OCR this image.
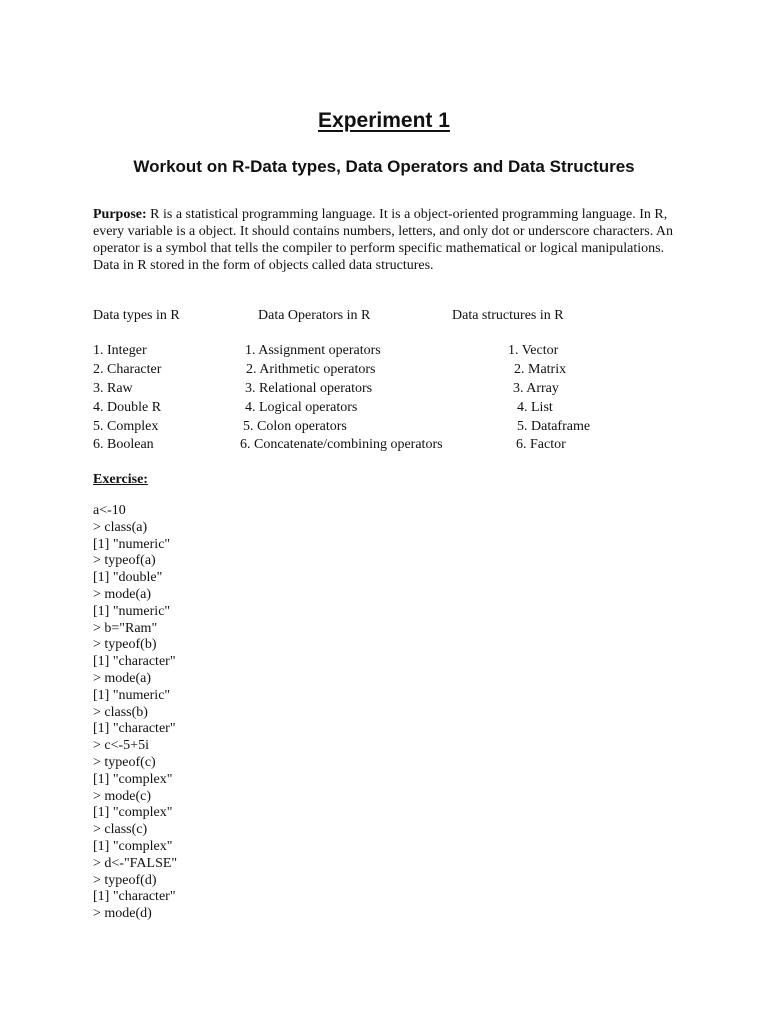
Experiment 1
Workout on R-Data types, Data Operators and Data Structures
Purpose: R is a statistical programming language. It is a object-oriented programming language. In R, every variable is a object. It should contains numbers, letters, and only dot or underscore characters. An operator is a symbol that tells the compiler to perform specific mathematical or logical manipulations. Data in R stored in the form of objects called data structures.
Data types in R
1. Integer
2. Character
3. Raw
4. Double R
5. Complex
6. Boolean
Data Operators in R
1. Assignment operators
2. Arithmetic operators
3. Relational operators
4. Logical operators
5. Colon operators
6. Concatenate/combining operators
Data structures in R
1. Vector
2. Matrix
3. Array
4. List
5. Dataframe
6. Factor
Exercise:
a<-10
> class(a)
[1] "numeric"
> typeof(a)
[1] "double"
> mode(a)
[1] "numeric"
> b="Ram"
> typeof(b)
[1] "character"
> mode(a)
[1] "numeric"
> class(b)
[1] "character"
> c<-5+5i
> typeof(c)
[1] "complex"
> mode(c)
[1] "complex"
> class(c)
[1] "complex"
> d<-"FALSE"
> typeof(d)
[1] "character"
> mode(d)
